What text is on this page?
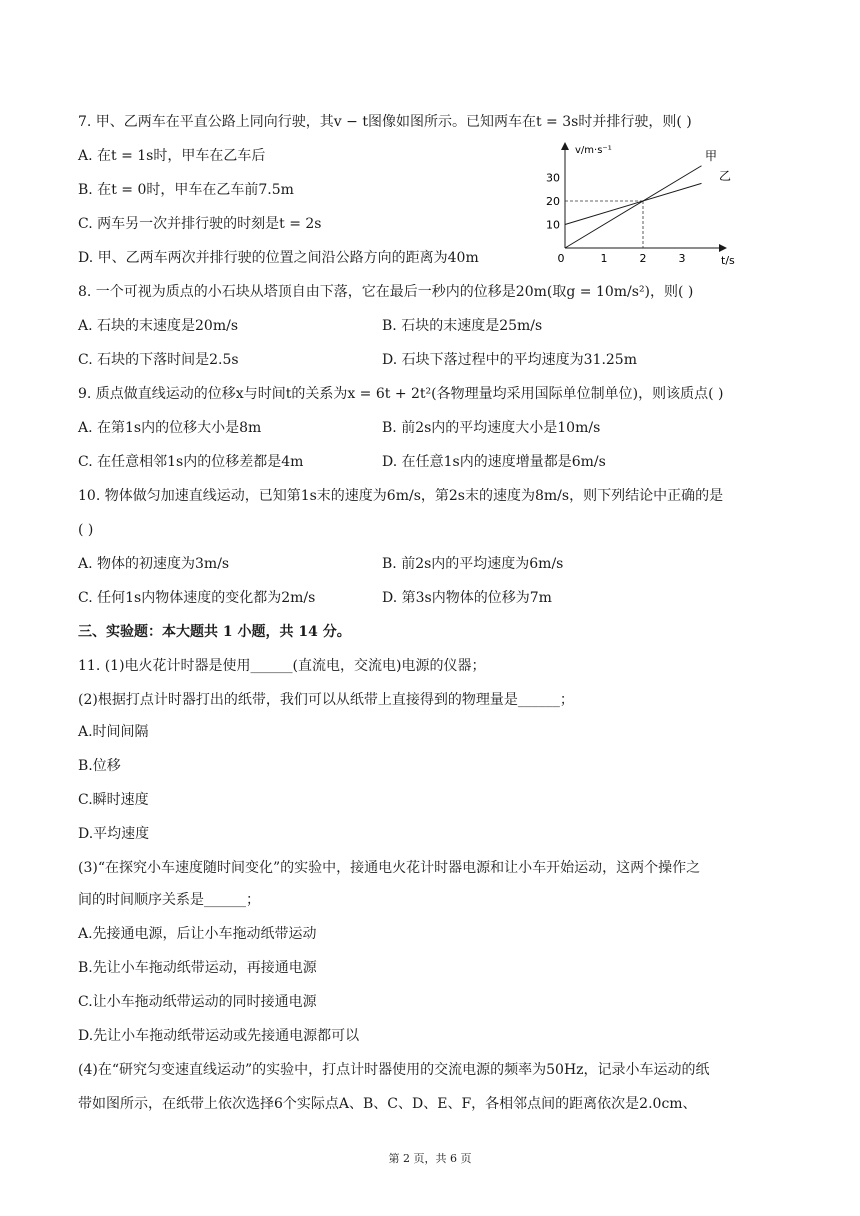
7. 甲、乙两车在平直公路上同向行驶，其v − t图像如图所示。已知两车在t = 3s时并排行驶，则( )
A. 在t = 1s时，甲车在乙车后
B. 在t = 0时，甲车在乙车前7.5m
C. 两车另一次并排行驶的时刻是t = 2s
D. 甲、乙两车两次并排行驶的位置之间沿公路方向的距离为40m
v/m·s⁻¹
t/s
0	1	2	3
10
20
30
甲
乙
8. 一个可视为质点的小石块从塔顶自由下落，它在最后一秒内的位移是20m(取g = 10m/s²)，则( )
A. 石块的末速度是20m/s	B. 石块的末速度是25m/s
C. 石块的下落时间是2.5s	D. 石块下落过程中的平均速度为31.25m
9. 质点做直线运动的位移x与时间t的关系为x = 6t + 2t²(各物理量均采用国际单位制单位)，则该质点( )
A. 在第1s内的位移大小是8m	B. 前2s内的平均速度大小是10m/s
C. 在任意相邻1s内的位移差都是4m	D. 在任意1s内的速度增量都是6m/s
10. 物体做匀加速直线运动，已知第1s末的速度为6m/s，第2s末的速度为8m/s，则下列结论中正确的是
( )
A. 物体的初速度为3m/s	B. 前2s内的平均速度为6m/s
C. 任何1s内物体速度的变化都为2m/s	D. 第3s内物体的位移为7m
三、实验题：本大题共 1 小题，共 14 分。
11. (1)电火花计时器是使用______(直流电，交流电)电源的仪器；
(2)根据打点计时器打出的纸带，我们可以从纸带上直接得到的物理量是______；
A.时间间隔
B.位移
C.瞬时速度
D.平均速度
(3)“在探究小车速度随时间变化”的实验中，接通电火花计时器电源和让小车开始运动，这两个操作之
间的时间顺序关系是______；
A.先接通电源，后让小车拖动纸带运动
B.先让小车拖动纸带运动，再接通电源
C.让小车拖动纸带运动的同时接通电源
D.先让小车拖动纸带运动或先接通电源都可以
(4)在“研究匀变速直线运动”的实验中，打点计时器使用的交流电源的频率为50Hz，记录小车运动的纸
带如图所示，在纸带上依次选择6个实际点A、B、C、D、E、F，各相邻点间的距离依次是2.0cm、
第 2 页，共 6 页
